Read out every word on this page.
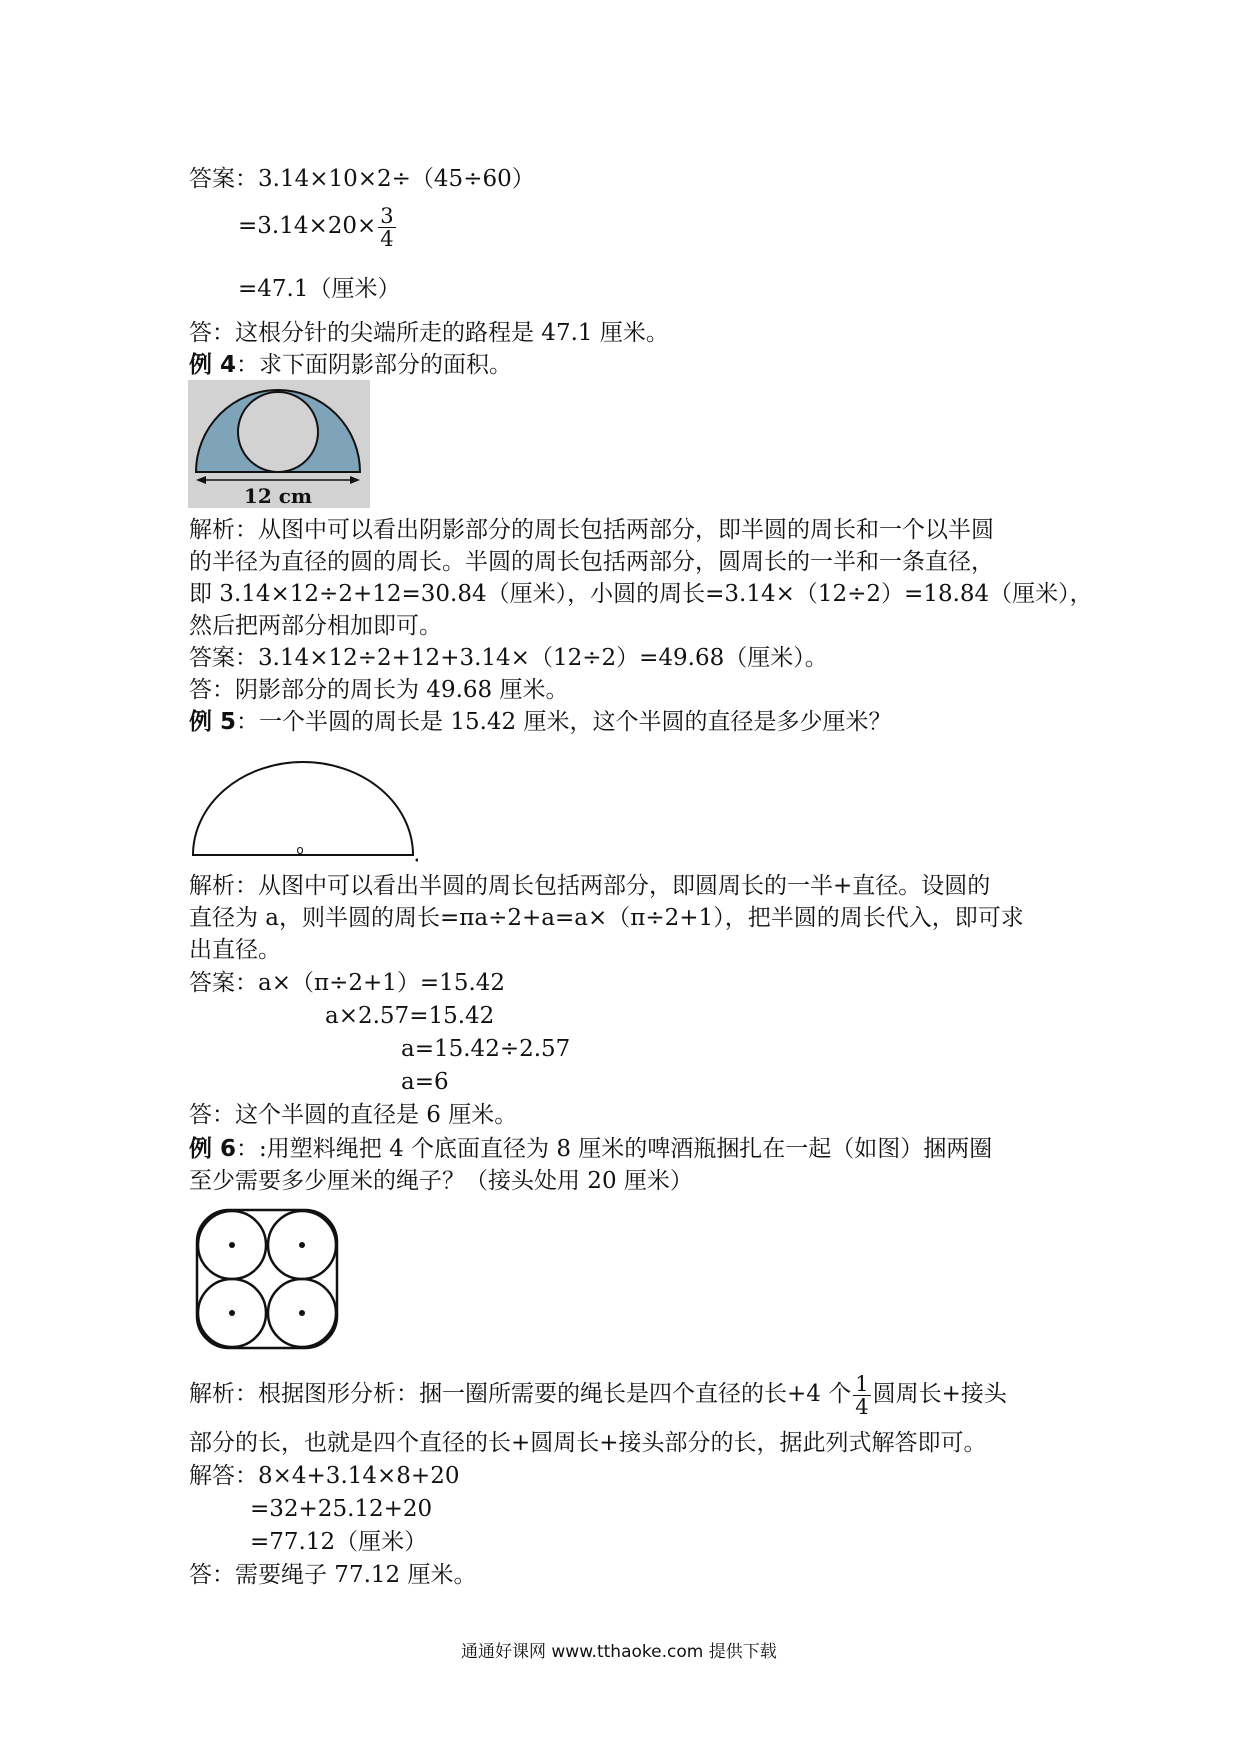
答案：3.14×10×2÷（45÷60）
$=3.14\times 20\times \frac{3}{4}$
=47.1（厘米）
答：这根分针的尖端所走的路程是 47.1 厘米。
例 4：求下面阴影部分的面积。
12 cm
解析：从图中可以看出阴影部分的周长包括两部分，即半圆的周长和一个以半圆
的半径为直径的圆的周长。半圆的周长包括两部分，圆周长的一半和一条直径，
即 3.14×12÷2+12=30.84（厘米），小圆的周长=3.14×（12÷2）=18.84（厘米），
然后把两部分相加即可。
答案：3.14×12÷2+12+3.14×（12÷2）=49.68（厘米）。
答：阴影部分的周长为 49.68 厘米。
例 5：一个半圆的周长是 15.42 厘米，这个半圆的直径是多少厘米？
o
解析：从图中可以看出半圆的周长包括两部分，即圆周长的一半+直径。设圆的
直径为 a，则半圆的周长=πa÷2+a=a×（π÷2+1），把半圆的周长代入，即可求
出直径。
答案：a×（π÷2+1）=15.42
a×2.57=15.42
a=15.42÷2.57
a=6
答：这个半圆的直径是 6 厘米。
例 6：:用塑料绳把 4 个底面直径为 8 厘米的啤酒瓶捆扎在一起（如图）捆两圈
至少需要多少厘米的绳子？（接头处用 20 厘米）
解析：根据图形分析：捆一圈所需要的绳长是四个直径的长+4 个 $\frac{1}{4}$ 圆周长+接头
部分的长，也就是四个直径的长+圆周长+接头部分的长，据此列式解答即可。
解答：8×4+3.14×8+20
=32+25.12+20
=77.12（厘米）
答：需要绳子 77.12 厘米。
通通好课网 www.tthaoke.com 提供下载
